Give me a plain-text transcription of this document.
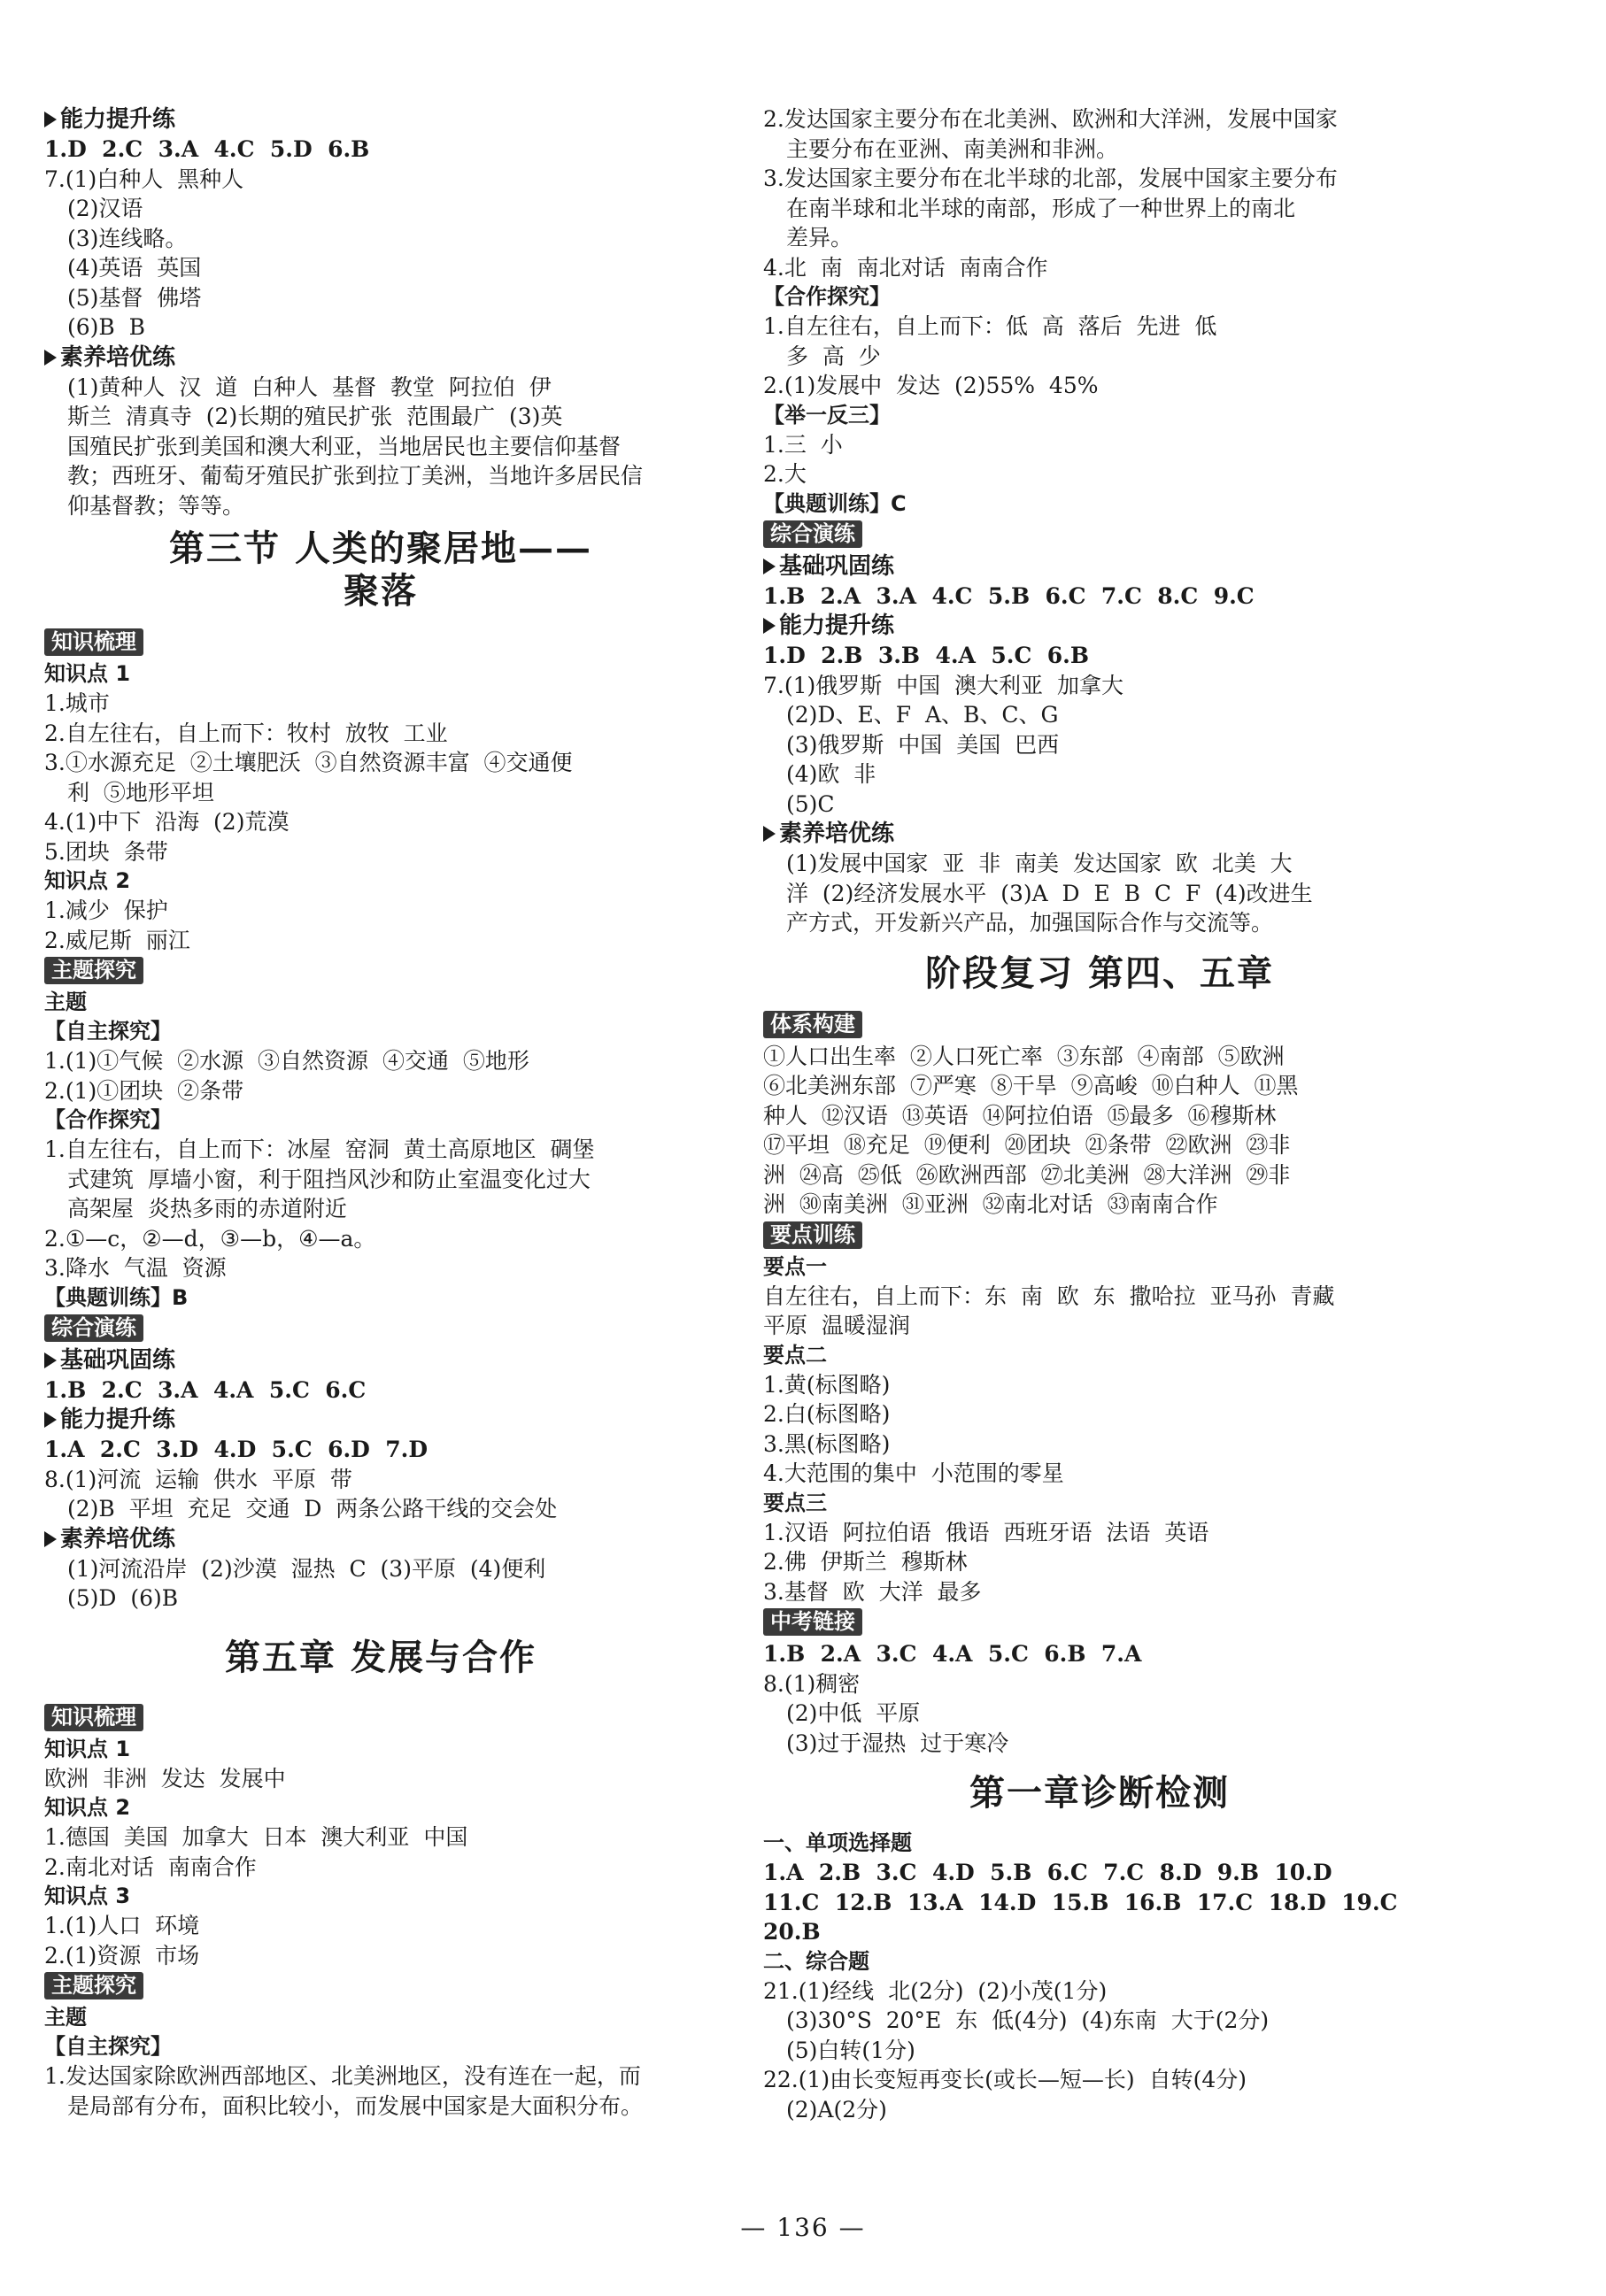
能力提升练
1.D  2.C  3.A  4.C  5.D  6.B
7.(1)白种人  黑种人
(2)汉语
(3)连线略。
(4)英语  英国
(5)基督  佛塔
(6)B  B
素养培优练
(1)黄种人  汉  道  白种人  基督  教堂  阿拉伯  伊
斯兰  清真寺  (2)长期的殖民扩张  范围最广  (3)英
国殖民扩张到美国和澳大利亚，当地居民也主要信仰基督
教；西班牙、葡萄牙殖民扩张到拉丁美洲，当地许多居民信
仰基督教；等等。
第三节 人类的聚居地——
聚落
知识梳理
知识点 1
1.城市
2.自左往右，自上而下：牧村  放牧  工业
3.①水源充足  ②土壤肥沃  ③自然资源丰富  ④交通便
利  ⑤地形平坦
4.(1)中下  沿海  (2)荒漠
5.团块  条带
知识点 2
1.减少  保护
2.威尼斯  丽江
主题探究
主题
【自主探究】
1.(1)①气候  ②水源  ③自然资源  ④交通  ⑤地形
2.(1)①团块  ②条带
【合作探究】
1.自左往右，自上而下：冰屋  窑洞  黄土高原地区  碉堡
式建筑  厚墙小窗，利于阻挡风沙和防止室温变化过大
高架屋  炎热多雨的赤道附近
2.①—c，②—d，③—b，④—a。
3.降水  气温  资源
【典题训练】B
综合演练
基础巩固练
1.B  2.C  3.A  4.A  5.C  6.C
能力提升练
1.A  2.C  3.D  4.D  5.C  6.D  7.D
8.(1)河流  运输  供水  平原  带
(2)B  平坦  充足  交通  D  两条公路干线的交会处
素养培优练
(1)河流沿岸  (2)沙漠  湿热  C  (3)平原  (4)便利
(5)D  (6)B
第五章 发展与合作
知识梳理
知识点 1
欧洲  非洲  发达  发展中
知识点 2
1.德国  美国  加拿大  日本  澳大利亚  中国
2.南北对话  南南合作
知识点 3
1.(1)人口  环境
2.(1)资源  市场
主题探究
主题
【自主探究】
1.发达国家除欧洲西部地区、北美洲地区，没有连在一起，而
是局部有分布，面积比较小，而发展中国家是大面积分布。
2.发达国家主要分布在北美洲、欧洲和大洋洲，发展中国家
主要分布在亚洲、南美洲和非洲。
3.发达国家主要分布在北半球的北部，发展中国家主要分布
在南半球和北半球的南部，形成了一种世界上的南北
差异。
4.北  南  南北对话  南南合作
【合作探究】
1.自左往右，自上而下：低  高  落后  先进  低
多  高  少
2.(1)发展中  发达  (2)55%  45%
【举一反三】
1.三  小
2.大
【典题训练】C
综合演练
基础巩固练
1.B  2.A  3.A  4.C  5.B  6.C  7.C  8.C  9.C
能力提升练
1.D  2.B  3.B  4.A  5.C  6.B
7.(1)俄罗斯  中国  澳大利亚  加拿大
(2)D、E、F  A、B、C、G
(3)俄罗斯  中国  美国  巴西
(4)欧  非
(5)C
素养培优练
(1)发展中国家  亚  非  南美  发达国家  欧  北美  大
洋  (2)经济发展水平  (3)A  D  E  B  C  F  (4)改进生
产方式，开发新兴产品，加强国际合作与交流等。
阶段复习 第四、五章
体系构建
①人口出生率  ②人口死亡率  ③东部  ④南部  ⑤欧洲
⑥北美洲东部  ⑦严寒  ⑧干旱  ⑨高峻  ⑩白种人  ⑪黑
种人  ⑫汉语  ⑬英语  ⑭阿拉伯语  ⑮最多  ⑯穆斯林
⑰平坦  ⑱充足  ⑲便利  ⑳团块  ㉑条带  ㉒欧洲  ㉓非
洲  ㉔高  ㉕低  ㉖欧洲西部  ㉗北美洲  ㉘大洋洲  ㉙非
洲  ㉚南美洲  ㉛亚洲  ㉜南北对话  ㉝南南合作
要点训练
要点一
自左往右，自上而下：东  南  欧  东  撒哈拉  亚马孙  青藏
平原  温暖湿润
要点二
1.黄(标图略)
2.白(标图略)
3.黑(标图略)
4.大范围的集中  小范围的零星
要点三
1.汉语  阿拉伯语  俄语  西班牙语  法语  英语
2.佛  伊斯兰  穆斯林
3.基督  欧  大洋  最多
中考链接
1.B  2.A  3.C  4.A  5.C  6.B  7.A
8.(1)稠密
(2)中低  平原
(3)过于湿热  过于寒冷
第一章诊断检测
一、单项选择题
1.A  2.B  3.C  4.D  5.B  6.C  7.C  8.D  9.B  10.D
11.C  12.B  13.A  14.D  15.B  16.B  17.C  18.D  19.C
20.B
二、综合题
21.(1)经线  北(2分)  (2)小茂(1分)
(3)30°S  20°E  东  低(4分)  (4)东南  大于(2分)
(5)白转(1分)
22.(1)由长变短再变长(或长—短—长)  自转(4分)
(2)A(2分)
— 136 —
